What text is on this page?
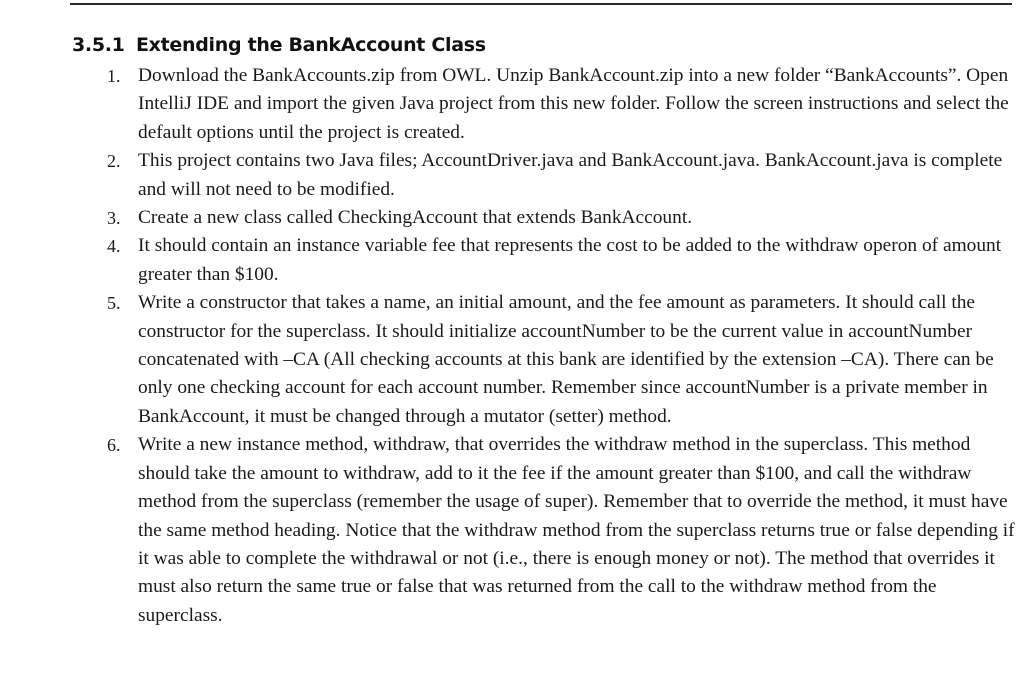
3.5.1 Extending the BankAccount Class
1. Download the BankAccounts.zip from OWL. Unzip BankAccount.zip into a new folder “BankAccounts”. Open IntelliJ IDE and import the given Java project from this new folder. Follow the screen instructions and select the default options until the project is created.
2. This project contains two Java files; AccountDriver.java and BankAccount.java. BankAccount.java is complete and will not need to be modified.
3. Create a new class called CheckingAccount that extends BankAccount.
4. It should contain an instance variable fee that represents the cost to be added to the withdraw operon of amount greater than $100.
5. Write a constructor that takes a name, an initial amount, and the fee amount as parameters. It should call the constructor for the superclass. It should initialize accountNumber to be the current value in accountNumber concatenated with –CA (All checking accounts at this bank are identified by the extension –CA). There can be only one checking account for each account number. Remember since accountNumber is a private member in BankAccount, it must be changed through a mutator (setter) method.
6. Write a new instance method, withdraw, that overrides the withdraw method in the superclass. This method should take the amount to withdraw, add to it the fee if the amount greater than $100, and call the withdraw method from the superclass (remember the usage of super). Remember that to override the method, it must have the same method heading. Notice that the withdraw method from the superclass returns true or false depending if it was able to complete the withdrawal or not (i.e., there is enough money or not). The method that overrides it must also return the same true or false that was returned from the call to the withdraw method from the superclass.
